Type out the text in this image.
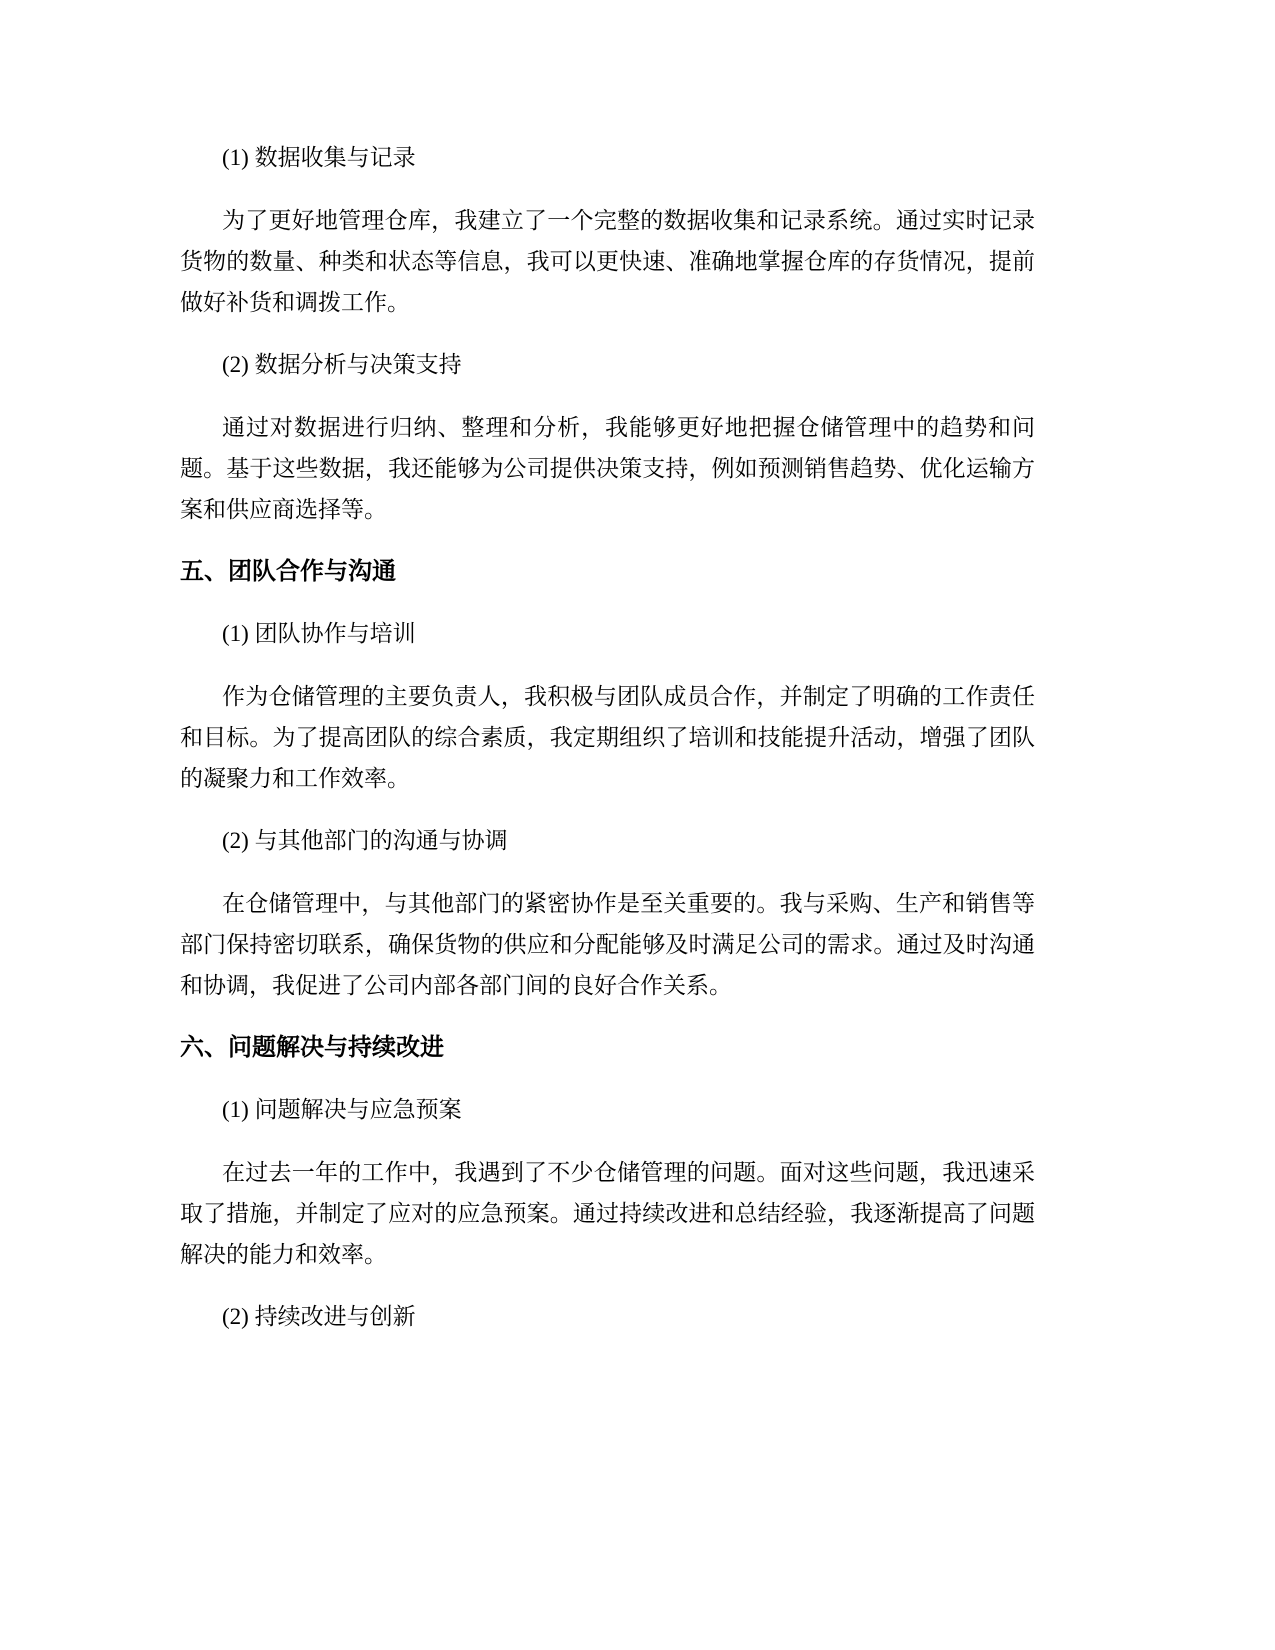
(1) 数据收集与记录

为了更好地管理仓库，我建立了一个完整的数据收集和记录系统。通过实时记录货物的数量、种类和状态等信息，我可以更快速、准确地掌握仓库的存货情况，提前做好补货和调拨工作。

(2) 数据分析与决策支持

通过对数据进行归纳、整理和分析，我能够更好地把握仓储管理中的趋势和问题。基于这些数据，我还能够为公司提供决策支持，例如预测销售趋势、优化运输方案和供应商选择等。

五、团队合作与沟通

(1) 团队协作与培训

作为仓储管理的主要负责人，我积极与团队成员合作，并制定了明确的工作责任和目标。为了提高团队的综合素质，我定期组织了培训和技能提升活动，增强了团队的凝聚力和工作效率。

(2) 与其他部门的沟通与协调

在仓储管理中，与其他部门的紧密协作是至关重要的。我与采购、生产和销售等部门保持密切联系，确保货物的供应和分配能够及时满足公司的需求。通过及时沟通和协调，我促进了公司内部各部门间的良好合作关系。

六、问题解决与持续改进

(1) 问题解决与应急预案

在过去一年的工作中，我遇到了不少仓储管理的问题。面对这些问题，我迅速采取了措施，并制定了应对的应急预案。通过持续改进和总结经验，我逐渐提高了问题解决的能力和效率。

(2) 持续改进与创新
